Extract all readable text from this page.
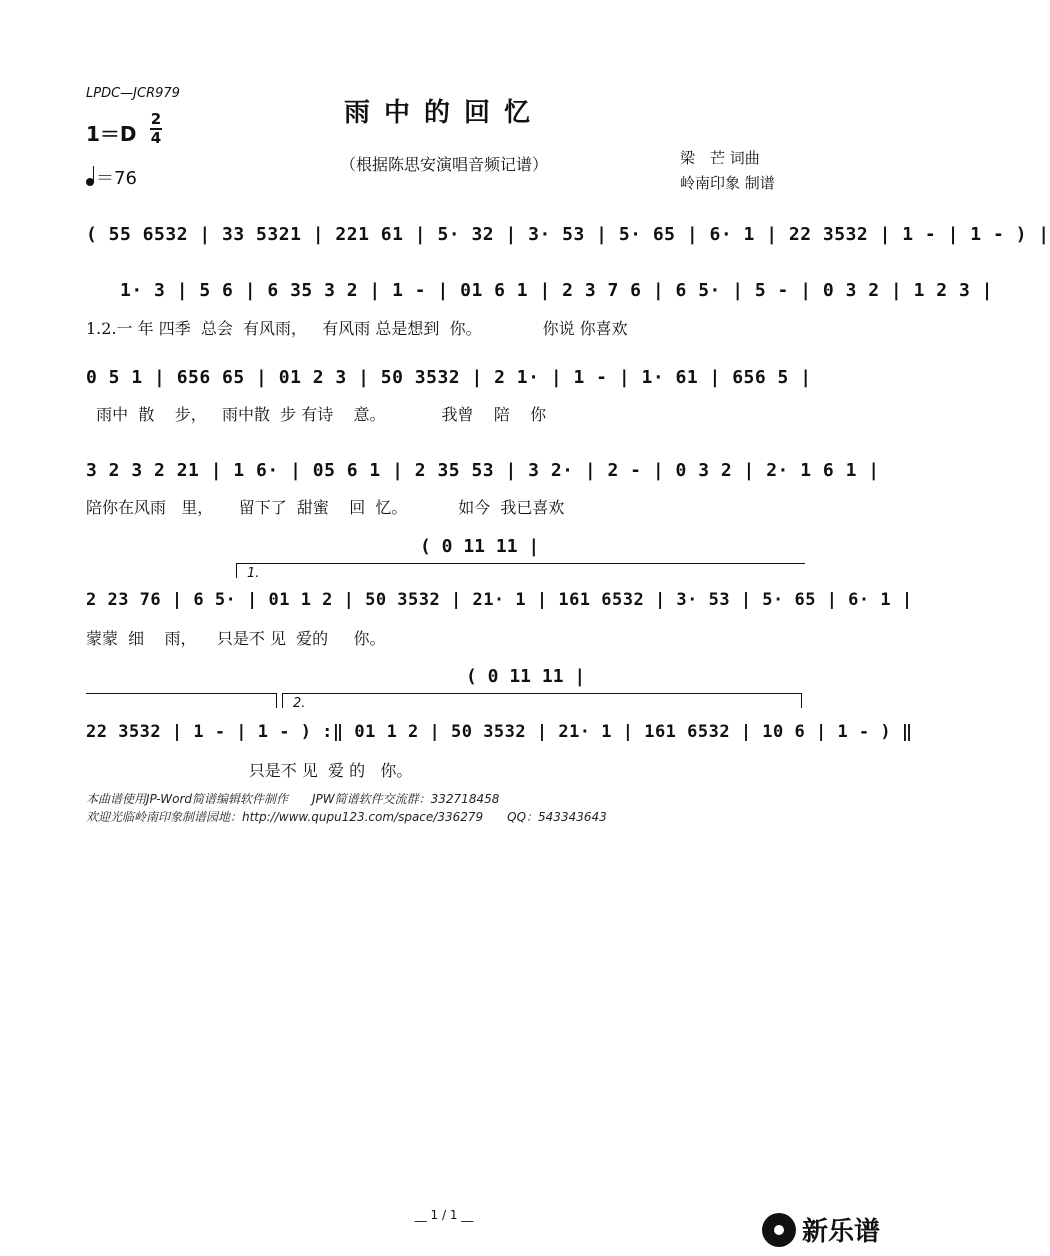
LPDC—JCR979
雨中的回忆
（根据陈思安演唱音频记谱）
1＝D
2
4
＝76
梁　芒 词曲
岭南印象 制谱
( 55 6532 | 33 5321 | 221 61 | 5· 32 | 3· 53 | 5· 65 | 6· 1 | 22 3532 | 1 - | 1 - ) |
1· 3 | 5 6 | 6 35 3 2 | 1 - | 01 6 1 | 2 3 7 6 | 6 5· | 5 - | 0 3 2 | 1 2 3 |
1.2.一 年 四季  总会  有风雨，   有风雨 总是想到  你。            你说 你喜欢
0 5 1 | 656 65 | 01 2 3 | 50 3532 | 2 1· | 1 - | 1· 61 | 656 5 |
雨中  散    步，   雨中散  步 有诗    意。           我曾    陪    你
3 2 3 2 21 | 1 6· | 05 6 1 | 2 35 53 | 3 2· | 2 - | 0 3 2 | 2· 1 6 1 |
陪你在风雨   里，     留下了  甜蜜    回  忆。          如今  我已喜欢
( 0 11 11 |
1.
2 23 76 | 6 5· | 01 1 2 | 50 3532 | 21· 1 | 161 6532 | 3· 53 | 5· 65 | 6· 1 |
蒙蒙  细    雨，    只是不 见  爱的     你。
( 0 11 11 |
2.
22 3532 | 1 - | 1 - ) :‖ 01 1 2 | 50 3532 | 21· 1 | 161 6532 | 10 6 | 1 - ) ‖
只是不 见  爱 的   你。
本曲谱使用JP-Word简谱编辑软件制作　　JPW简谱软件交流群：332718458
欢迎光临岭南印象制谱园地：http://www.qupu123.com/space/336279　　QQ：543343643
__ 1 / 1 __
新乐谱
